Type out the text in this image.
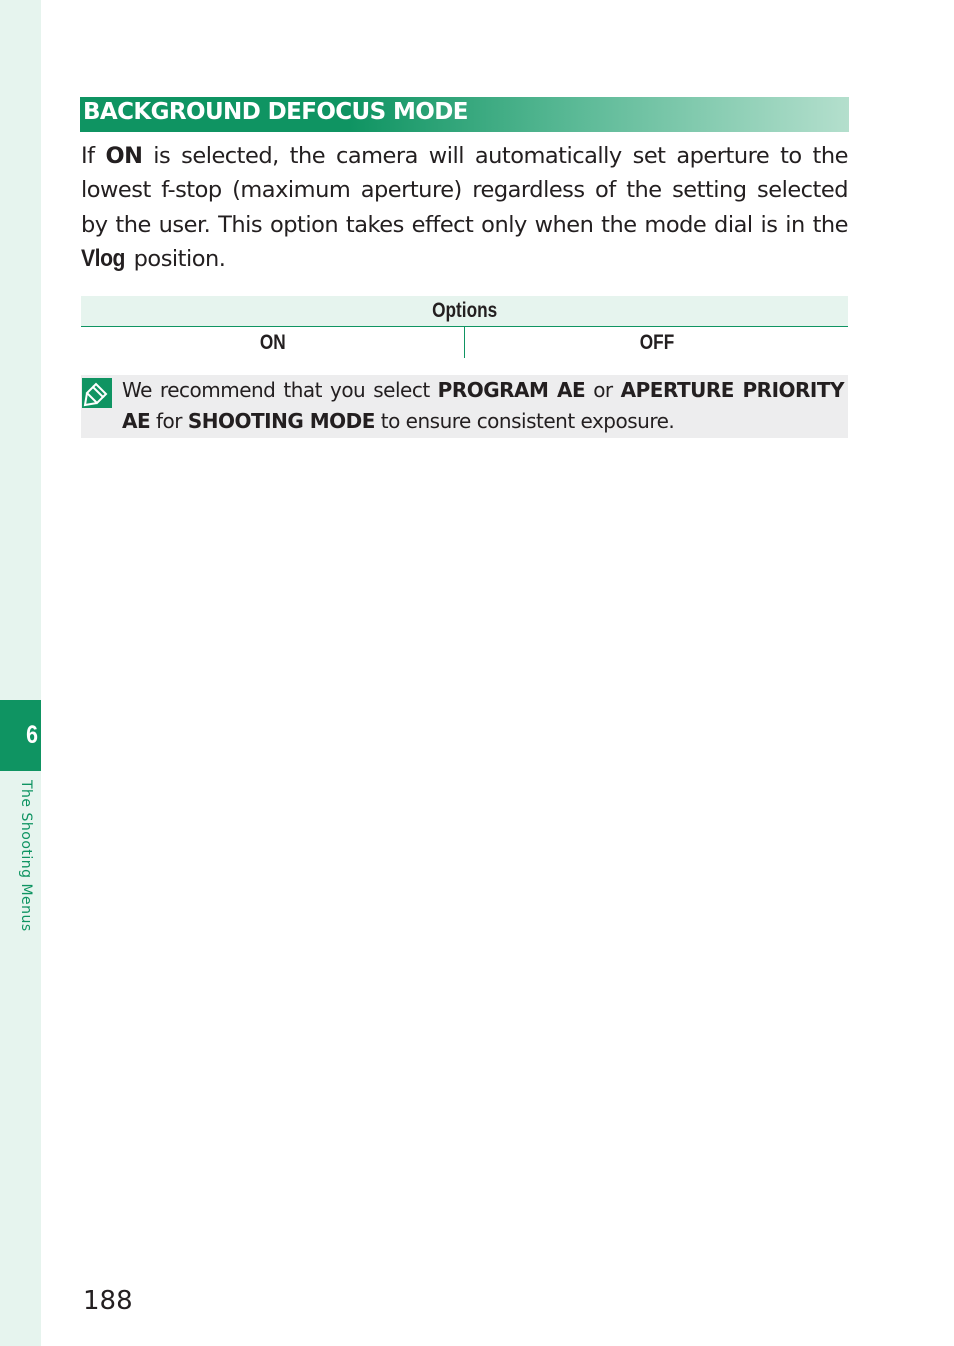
6
The Shooting Menus
BACKGROUND DEFOCUS MODE

If ON is selected, the camera will automatically set aperture to the lowest f-stop (maximum aperture) regardless of the setting selected by the user. This option takes effect only when the mode dial is in the Vlog position.

Options
ON	OFF

We recommend that you select PROGRAM AE or APERTURE PRIORITY AE for SHOOTING MODE to ensure consistent exposure.

188
